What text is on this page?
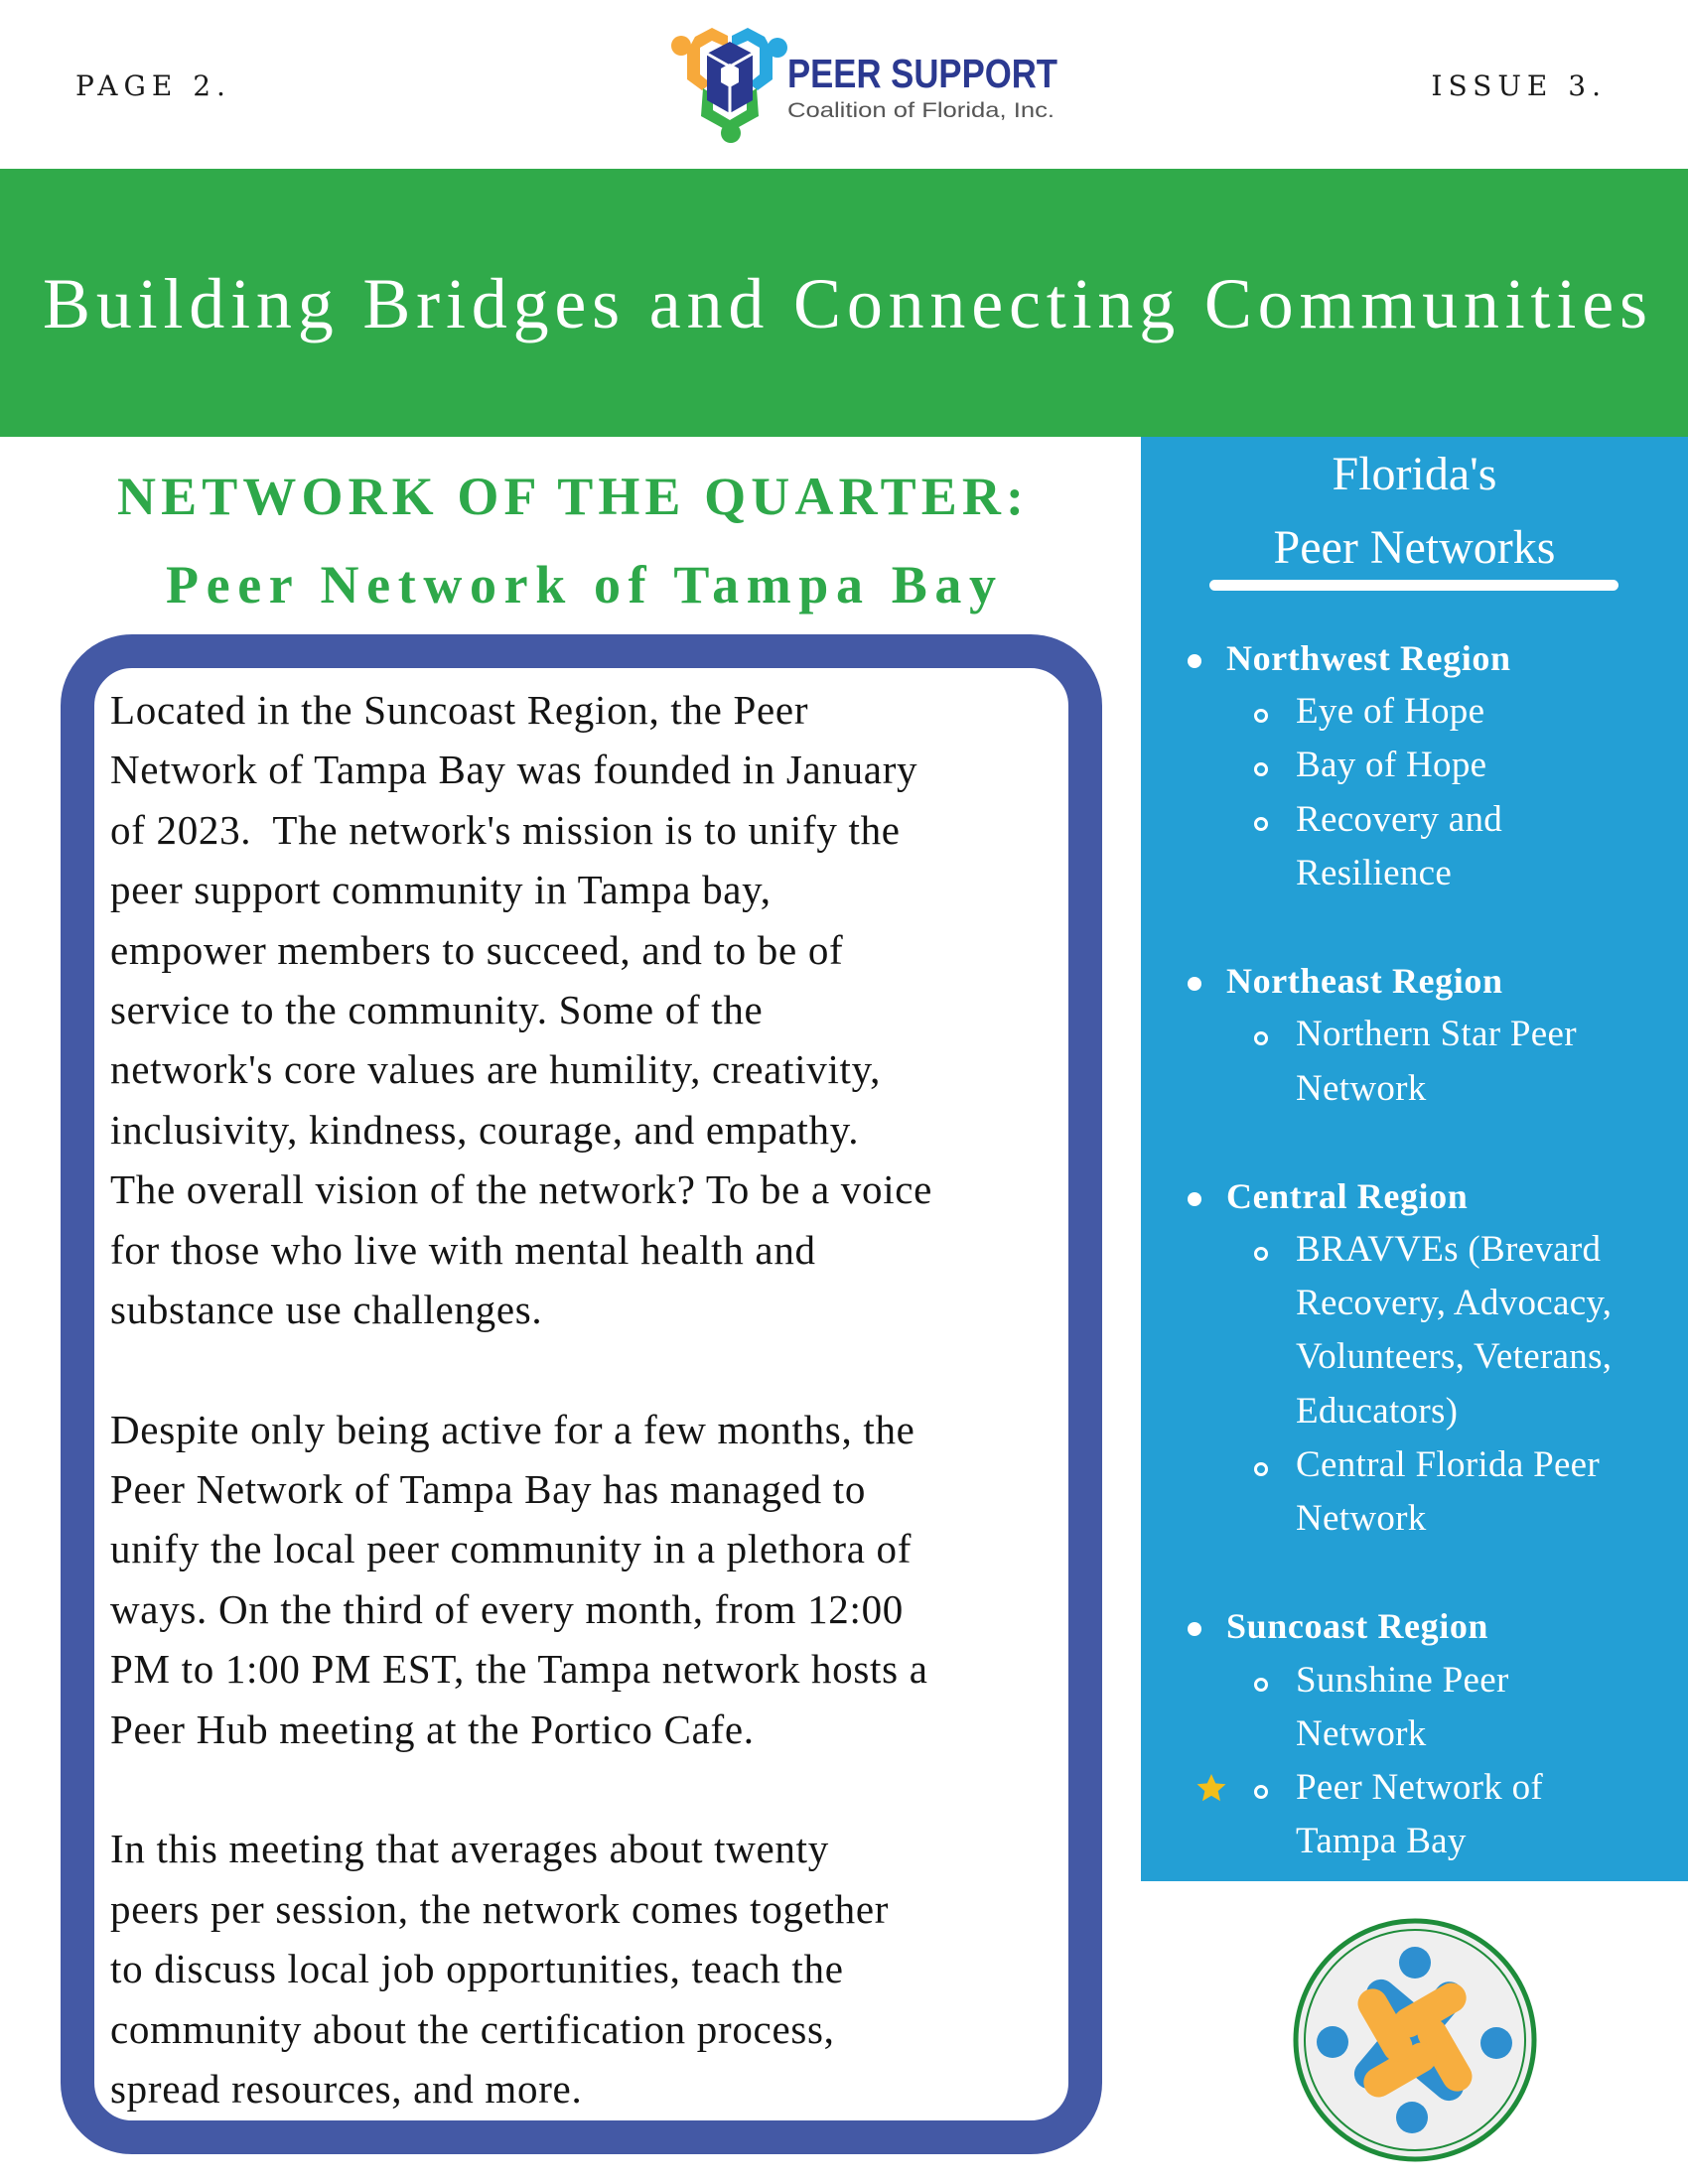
PAGE 2.	ISSUE 3.
PEER SUPPORT
Coalition of Florida, Inc.
Building Bridges and Connecting Communities
NETWORK OF THE QUARTER:
Peer Network of Tampa Bay
Located in the Suncoast Region, the Peer
Network of Tampa Bay was founded in January
of 2023.  The network's mission is to unify the
peer support community in Tampa bay,
empower members to succeed, and to be of
service to the community. Some of the
network's core values are humility, creativity,
inclusivity, kindness, courage, and empathy.
The overall vision of the network? To be a voice
for those who live with mental health and
substance use challenges.
Despite only being active for a few months, the
Peer Network of Tampa Bay has managed to
unify the local peer community in a plethora of
ways. On the third of every month, from 12:00
PM to 1:00 PM EST, the Tampa network hosts a
Peer Hub meeting at the Portico Cafe.
In this meeting that averages about twenty
peers per session, the network comes together
to discuss local job opportunities, teach the
community about the certification process,
spread resources, and more.
Florida's
Peer Networks
Northwest Region
Eye of Hope
Bay of Hope
Recovery and
Resilience
Northeast Region
Northern Star Peer
Network
Central Region
BRAVVEs (Brevard
Recovery, Advocacy,
Volunteers, Veterans,
Educators)
Central Florida Peer
Network
Suncoast Region
Sunshine Peer
Network
Peer Network of
Tampa Bay
